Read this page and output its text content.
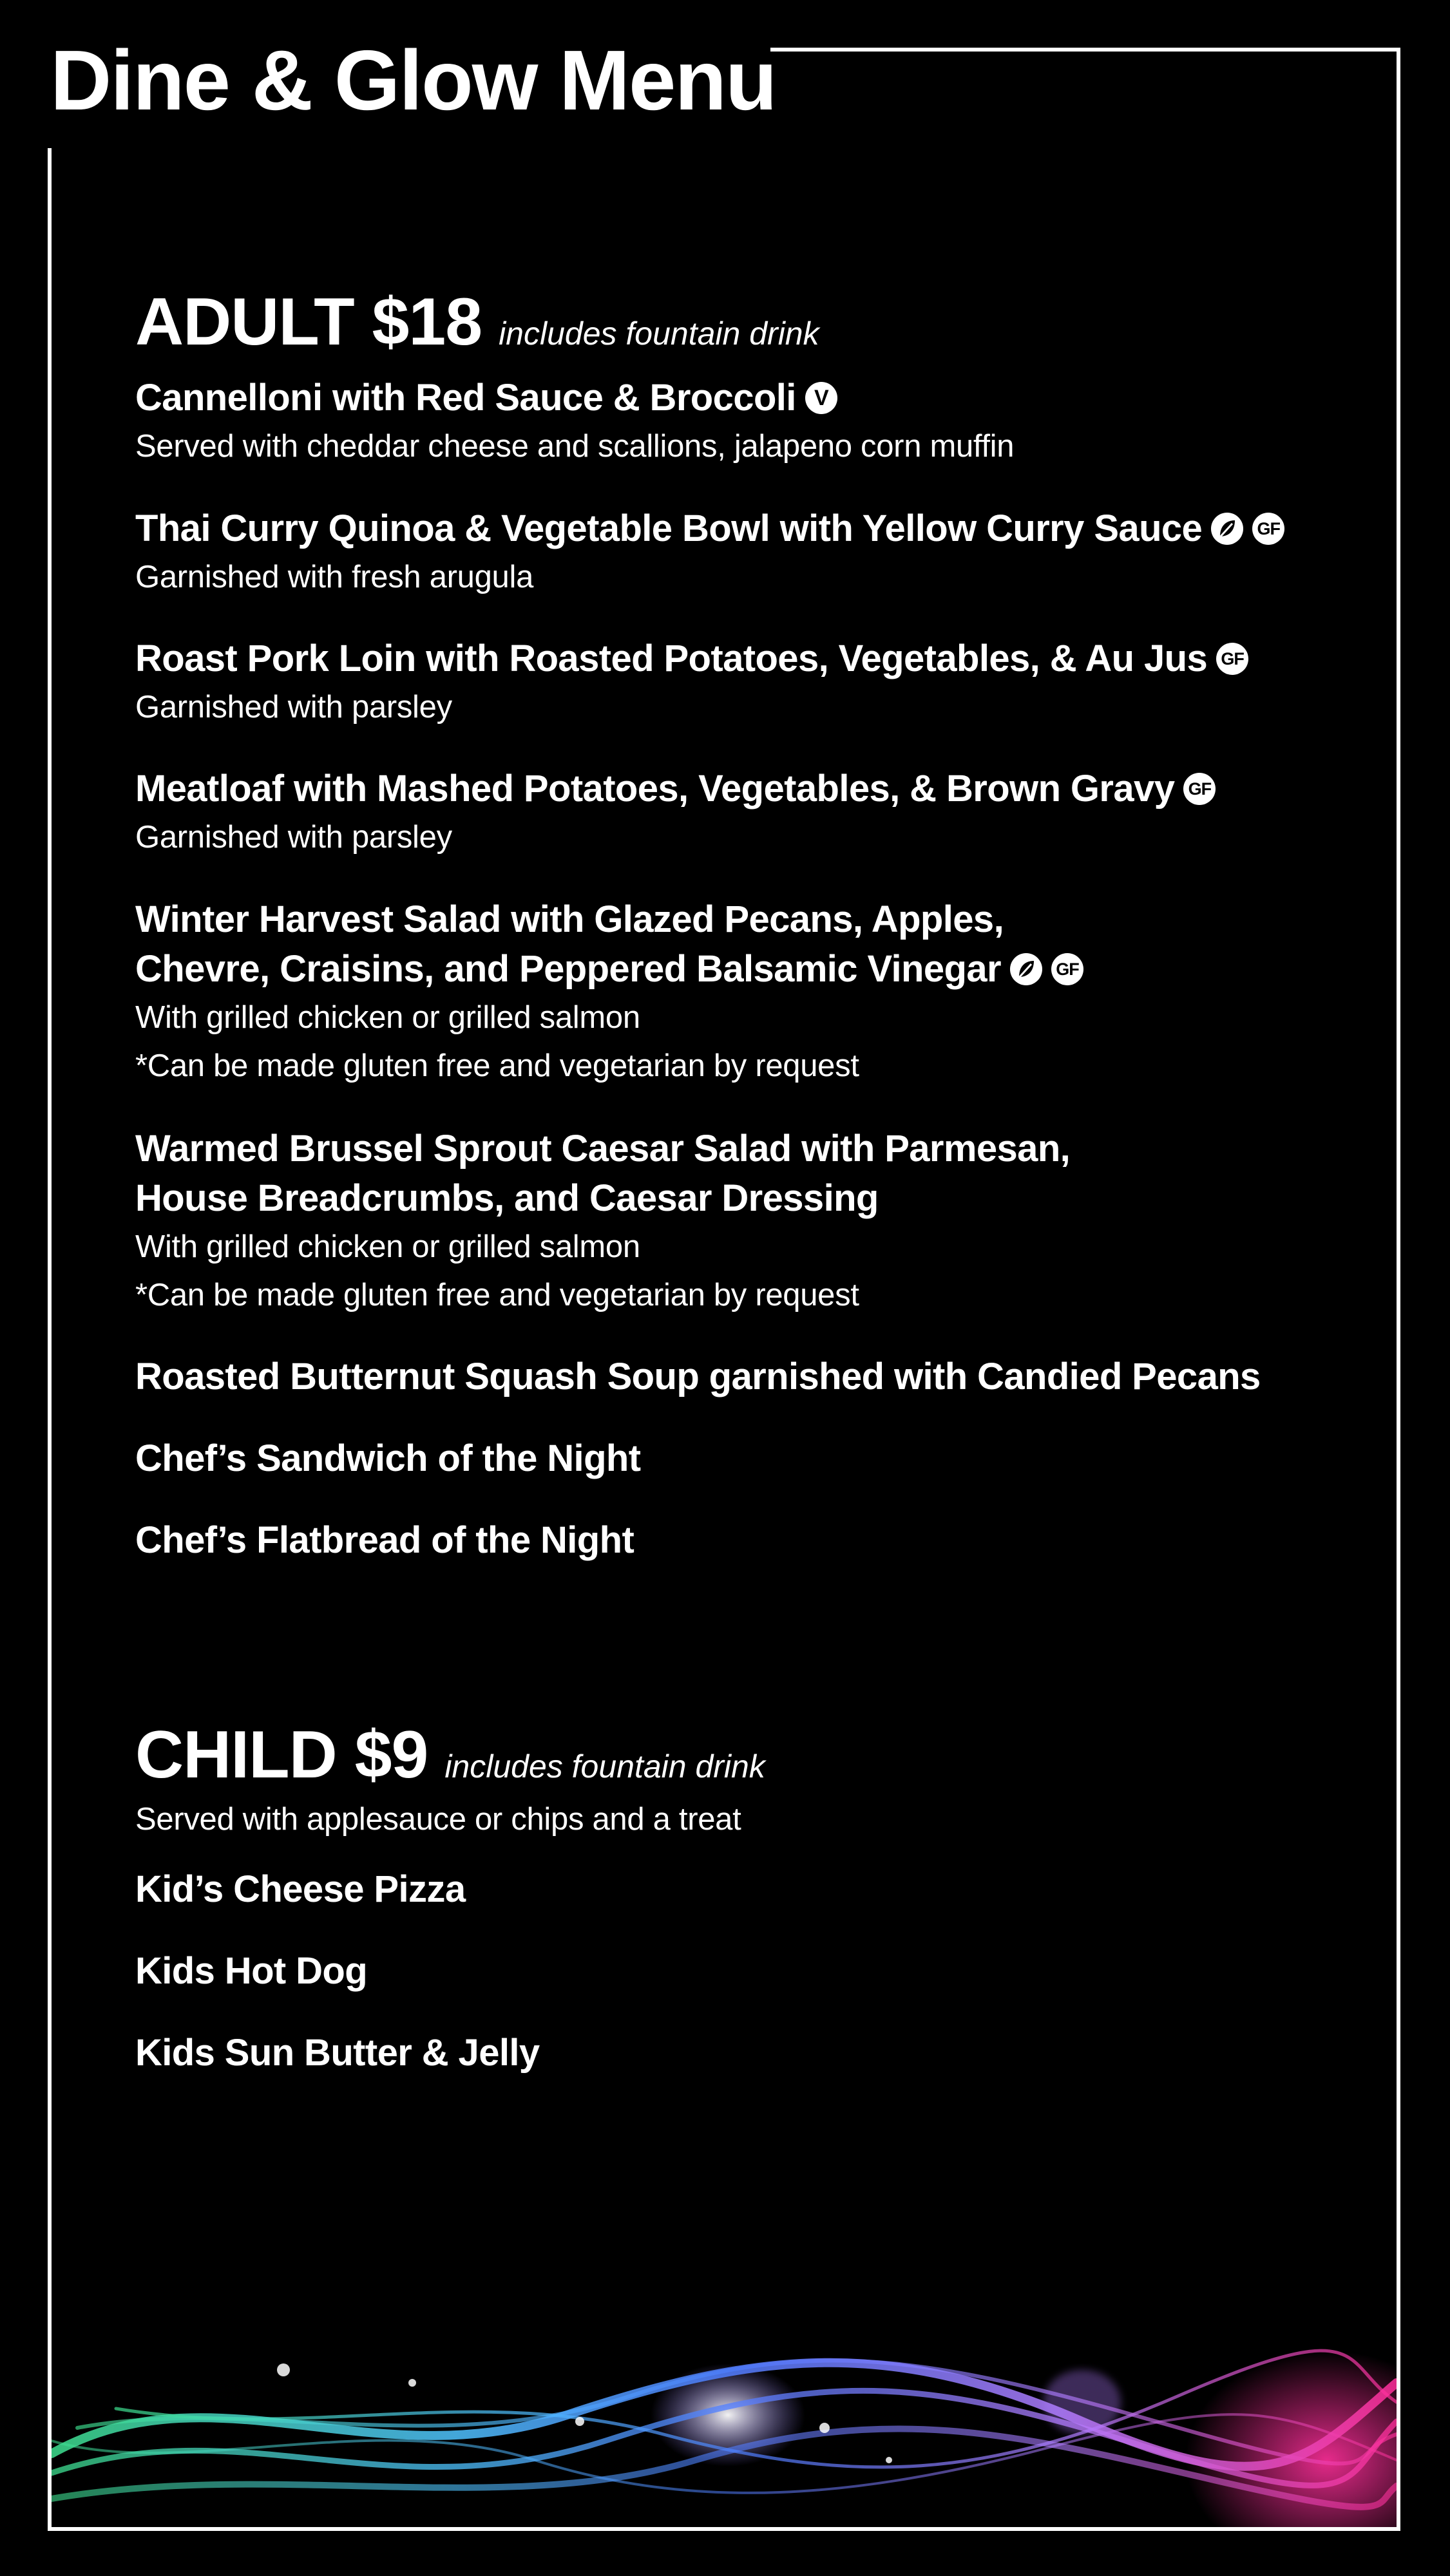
Dine & Glow Menu
ADULT $18 includes fountain drink

Cannelloni with Red Sauce & Broccoli V

Served with cheddar cheese and scallions, jalapeno corn muffin

Thai Curry Quinoa & Vegetable Bowl with Yellow Curry Sauce	GF

Garnished with fresh arugula

Roast Pork Loin with Roasted Potatoes, Vegetables, & Au Jus GF

Garnished with parsley

Meatloaf with Mashed Potatoes, Vegetables, & Brown Gravy GF

Garnished with parsley

Winter Harvest Salad with Glazed Pecans, Apples,

Chevre, Craisins, and Peppered Balsamic Vinegar	GF

With grilled chicken or grilled salmon

*Can be made gluten free and vegetarian by request

Warmed Brussel Sprout Caesar Salad with Parmesan,

House Breadcrumbs, and Caesar Dressing

With grilled chicken or grilled salmon

*Can be made gluten free and vegetarian by request

Roasted Butternut Squash Soup garnished with Candied Pecans

Chef’s Sandwich of the Night

Chef’s Flatbread of the Night

CHILD $9 includes fountain drink

Served with applesauce or chips and a treat

Kid’s Cheese Pizza

Kids Hot Dog

Kids Sun Butter & Jelly
